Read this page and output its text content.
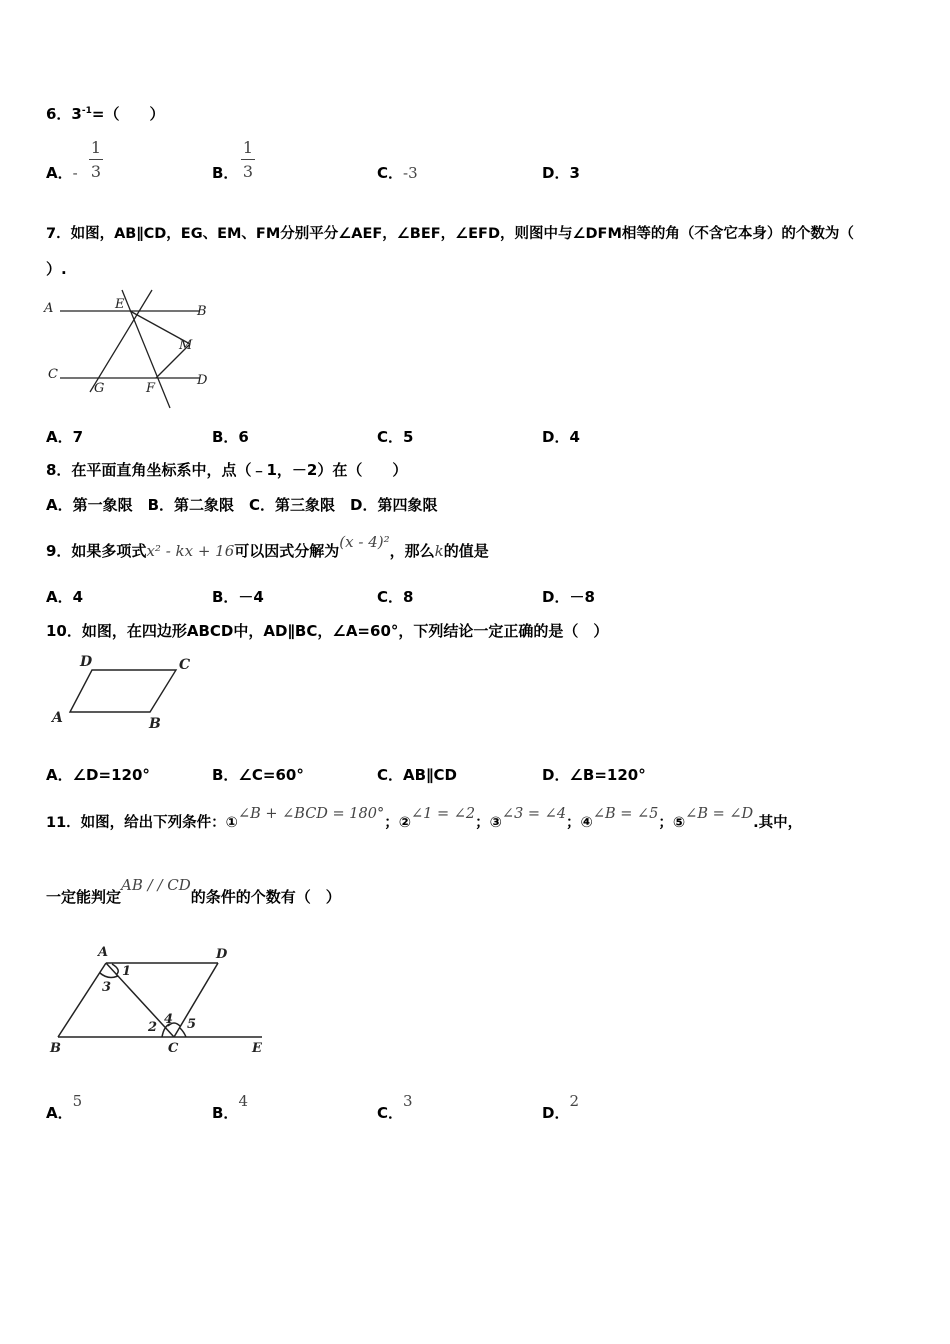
6．$3^{-1}=$（　　）
A．-
1
3	B．
1
3	C．-3	D．3
7．如图，AB∥CD，EG、EM、FM分别平分∠AEF，∠BEF，∠EFD，则图中与∠DFM相等的角（不含它本身）的个数为（
）.
A	E	B
M
C
G	F
D
A．7	B．6	C．5	D．4
8．在平面直角坐标系中，点（﹣1，－2）在（　　）
A．第一象限　B．第二象限　C．第三象限　D．第四象限
9．如果多项式x² - kx + 16可以因式分解为(x - 4)²，那么k的值是
A．4	B．－4	C．8	D．－8
10．如图，在四边形ABCD中，AD∥BC，∠A=60°，下列结论一定正确的是（　）
D	C
A	B
A．∠D=120°	B．∠C=60°	C．AB∥CD	D．∠B=120°
11．如图，给出下列条件：①∠B + ∠BCD = 180°；②∠1 = ∠2；③∠3 = ∠4；④∠B = ∠5；⑤∠B = ∠D.其中，
一定能判定AB / / CD的条件的个数有（　）
A	D
1
3
2
4 5
B	C	E
A．5
B．4
C．3
D．2
